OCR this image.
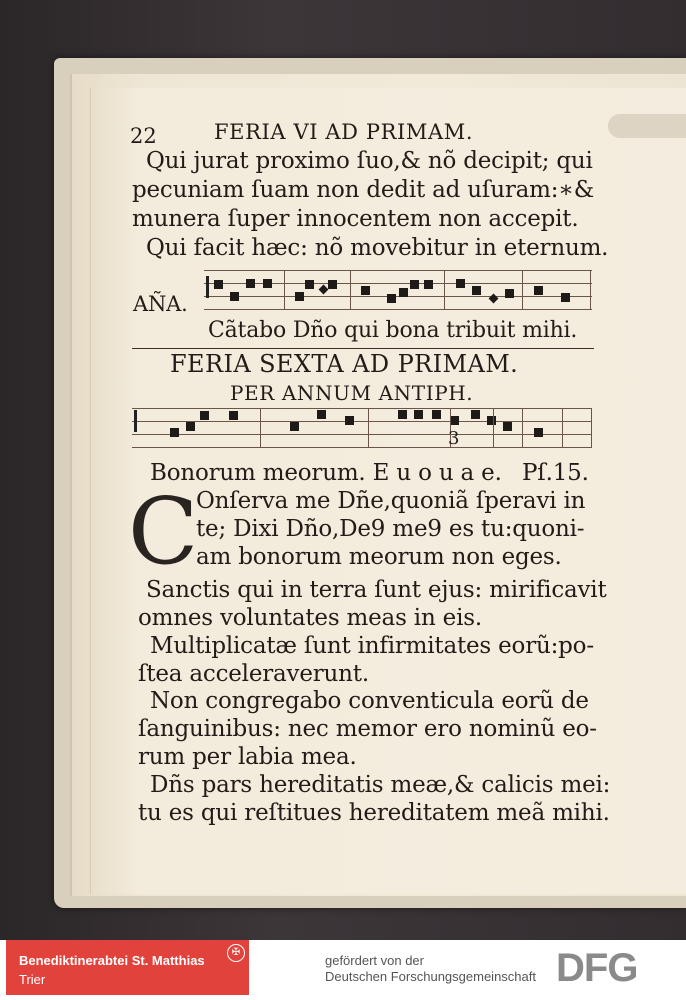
22	FERIA VI AD PRIMAM.
Qui jurat proximo ſuo,& nõ decipit; qui
pecuniam ſuam non dedit ad uſuram:∗&
munera ſuper innocentem non accepit.
Qui facit hæc: nõ movebitur in eternum.
AÑA.
Cãtabo Dño qui bona tribuit mihi.
FERIA SEXTA AD PRIMAM.
PER ANNUM ANTIPH.
3
Bonorum meorum. E u o u a e. Pſ.15.
C
Onſerva me Dñe,quoniã ſperavi in
te; Dixi Dño,De9 me9 es tu:quoni-
am bonorum meorum non eges.
Sanctis qui in terra ſunt ejus: mirificavit
omnes voluntates meas in eis.
Multiplicatæ ſunt infirmitates eorũ:po-
ſtea acceleraverunt.
Non congregabo conventicula eorũ de
ſanguinibus: nec memor ero nominũ eo-
rum per labia mea.
Dñs pars hereditatis meæ,& calicis mei:
tu es qui reſtitues hereditatem meã mihi.
Benediktinerabtei St. Matthias
Trier
✠
gefördert von der
Deutschen Forschungsgemeinschaft DFG
